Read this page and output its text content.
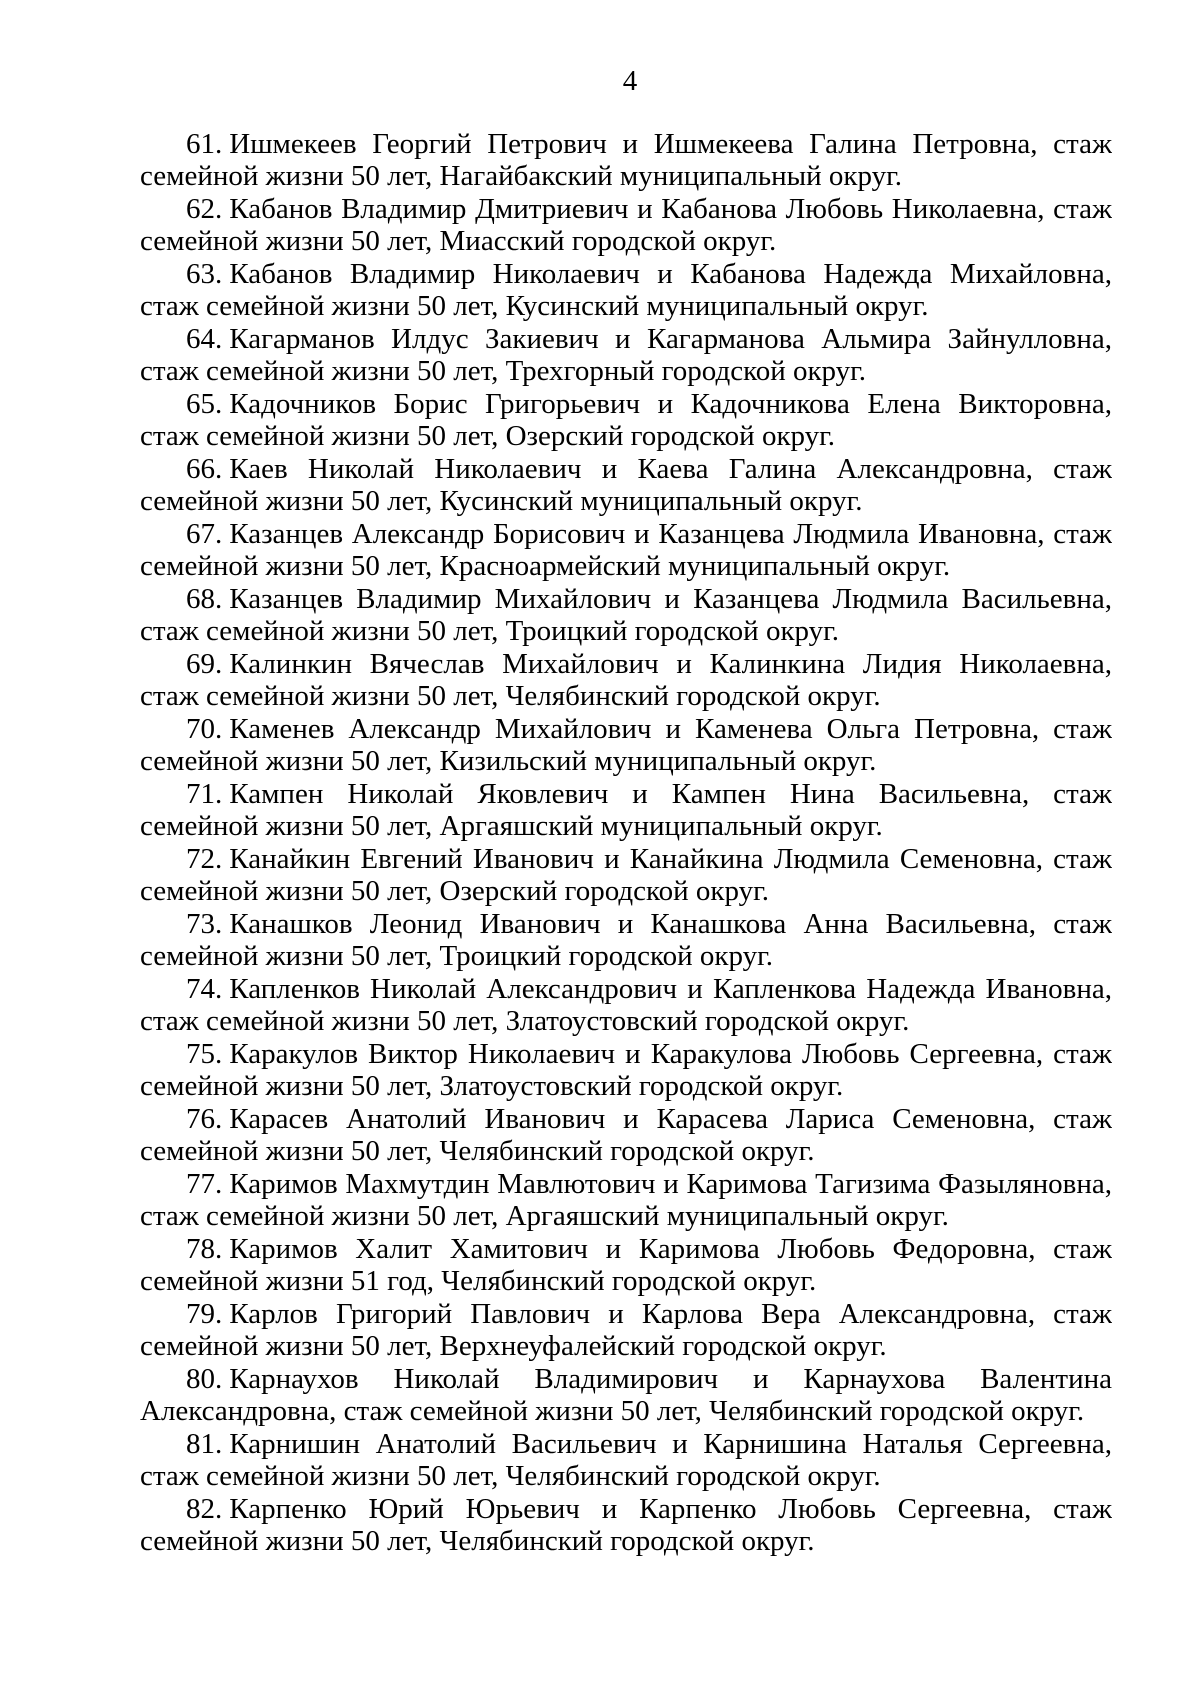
4

61. Ишмекеев Георгий Петрович и Ишмекеева Галина Петровна, стаж семейной жизни 50 лет, Нагайбакский муниципальный округ.

62. Кабанов Владимир Дмитриевич и Кабанова Любовь Николаевна, стаж семейной жизни 50 лет, Миасский городской округ.

63. Кабанов Владимир Николаевич и Кабанова Надежда Михайловна, стаж семейной жизни 50 лет, Кусинский муниципальный округ.

64. Кагарманов Илдус Закиевич и Кагарманова Альмира Зайнулловна, стаж семейной жизни 50 лет, Трехгорный городской округ.

65. Кадочников Борис Григорьевич и Кадочникова Елена Викторовна, стаж семейной жизни 50 лет, Озерский городской округ.

66. Каев Николай Николаевич и Каева Галина Александровна, стаж семейной жизни 50 лет, Кусинский муниципальный округ.

67. Казанцев Александр Борисович и Казанцева Людмила Ивановна, стаж семейной жизни 50 лет, Красноармейский муниципальный округ.

68. Казанцев Владимир Михайлович и Казанцева Людмила Васильевна, стаж семейной жизни 50 лет, Троицкий городской округ.

69. Калинкин Вячеслав Михайлович и Калинкина Лидия Николаевна, стаж семейной жизни 50 лет, Челябинский городской округ.

70. Каменев Александр Михайлович и Каменева Ольга Петровна, стаж семейной жизни 50 лет, Кизильский муниципальный округ.

71. Кампен Николай Яковлевич и Кампен Нина Васильевна, стаж семейной жизни 50 лет, Аргаяшский муниципальный округ.

72. Канайкин Евгений Иванович и Канайкина Людмила Семеновна, стаж семейной жизни 50 лет, Озерский городской округ.

73. Канашков Леонид Иванович и Канашкова Анна Васильевна, стаж семейной жизни 50 лет, Троицкий городской округ.

74. Капленков Николай Александрович и Капленкова Надежда Ивановна, стаж семейной жизни 50 лет, Златоустовский городской округ.

75. Каракулов Виктор Николаевич и Каракулова Любовь Сергеевна, стаж семейной жизни 50 лет, Златоустовский городской округ.

76. Карасев Анатолий Иванович и Карасева Лариса Семеновна, стаж семейной жизни 50 лет, Челябинский городской округ.

77. Каримов Махмутдин Мавлютович и Каримова Тагизима Фазыляновна, стаж семейной жизни 50 лет, Аргаяшский муниципальный округ.

78. Каримов Халит Хамитович и Каримова Любовь Федоровна, стаж семейной жизни 51 год, Челябинский городской округ.

79. Карлов Григорий Павлович и Карлова Вера Александровна, стаж семейной жизни 50 лет, Верхнеуфалейский городской округ.

80. Карнаухов Николай Владимирович и Карнаухова Валентина Александровна, стаж семейной жизни 50 лет, Челябинский городской округ.

81. Карнишин Анатолий Васильевич и Карнишина Наталья Сергеевна, стаж семейной жизни 50 лет, Челябинский городской округ.

82. Карпенко Юрий Юрьевич и Карпенко Любовь Сергеевна, стаж семейной жизни 50 лет, Челябинский городской округ.
